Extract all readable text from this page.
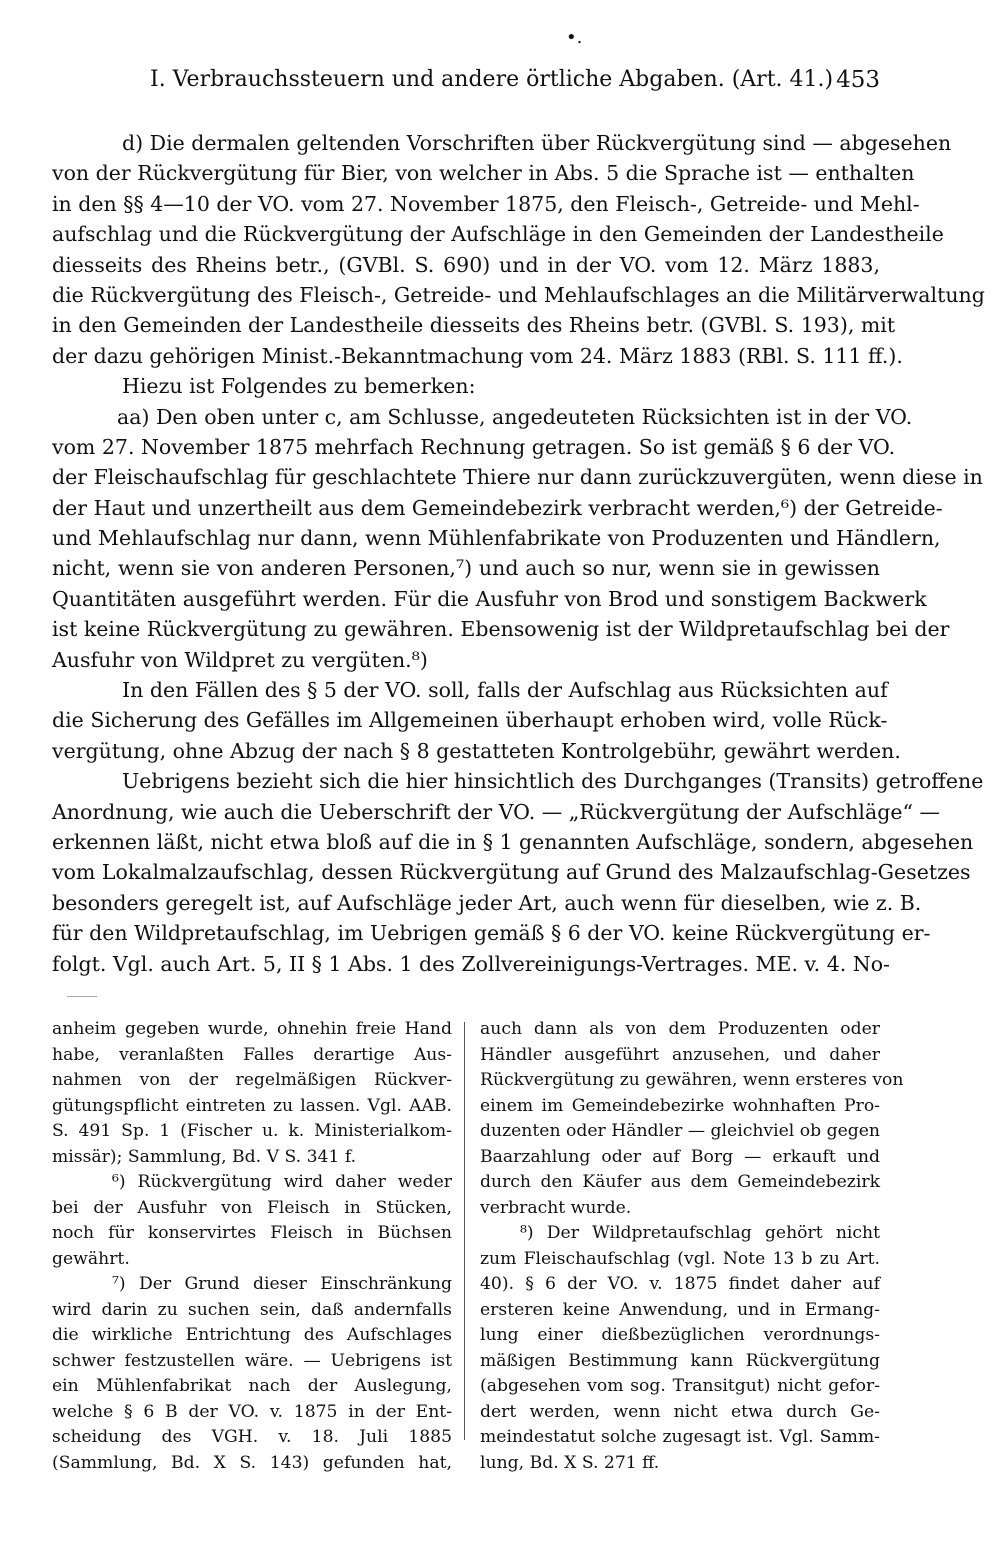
•.
I. Verbrauchssteuern und andere örtliche Abgaben. (Art. 41.) 453
d) Die dermalen geltenden Vorschriften über Rückvergütung sind — abgesehen
von der Rückvergütung für Bier, von welcher in Abs. 5 die Sprache ist — enthalten
in den §§ 4—10 der VO. vom 27. November 1875, den Fleisch-, Getreide- und Mehl-
aufschlag und die Rückvergütung der Aufschläge in den Gemeinden der Landestheile
diesseits des Rheins betr., (GVBl. S. 690) und in der VO. vom 12. März 1883,
die Rückvergütung des Fleisch-, Getreide- und Mehlaufschlages an die Militärverwaltung
in den Gemeinden der Landestheile diesseits des Rheins betr. (GVBl. S. 193), mit
der dazu gehörigen Minist.-Bekanntmachung vom 24. März 1883 (RBl. S. 111 ff.).
Hiezu ist Folgendes zu bemerken:
aa) Den oben unter c, am Schlusse, angedeuteten Rücksichten ist in der VO.
vom 27. November 1875 mehrfach Rechnung getragen. So ist gemäß § 6 der VO.
der Fleischaufschlag für geschlachtete Thiere nur dann zurückzuvergüten, wenn diese in
der Haut und unzertheilt aus dem Gemeindebezirk verbracht werden,⁶) der Getreide-
und Mehlaufschlag nur dann, wenn Mühlenfabrikate von Produzenten und Händlern,
nicht, wenn sie von anderen Personen,⁷) und auch so nur, wenn sie in gewissen
Quantitäten ausgeführt werden. Für die Ausfuhr von Brod und sonstigem Backwerk
ist keine Rückvergütung zu gewähren. Ebensowenig ist der Wildpretaufschlag bei der
Ausfuhr von Wildpret zu vergüten.⁸)
In den Fällen des § 5 der VO. soll, falls der Aufschlag aus Rücksichten auf
die Sicherung des Gefälles im Allgemeinen überhaupt erhoben wird, volle Rück-
vergütung, ohne Abzug der nach § 8 gestatteten Kontrolgebühr, gewährt werden.
Uebrigens bezieht sich die hier hinsichtlich des Durchganges (Transits) getroffene
Anordnung, wie auch die Ueberschrift der VO. — „Rückvergütung der Aufschläge“ —
erkennen läßt, nicht etwa bloß auf die in § 1 genannten Aufschläge, sondern, abgesehen
vom Lokalmalzaufschlag, dessen Rückvergütung auf Grund des Malzaufschlag-Gesetzes
besonders geregelt ist, auf Aufschläge jeder Art, auch wenn für dieselben, wie z. B.
für den Wildpretaufschlag, im Uebrigen gemäß § 6 der VO. keine Rückvergütung er-
folgt. Vgl. auch Art. 5, II § 1 Abs. 1 des Zollvereinigungs-Vertrages. ME. v. 4. No-
anheim gegeben wurde, ohnehin freie Hand
habe, veranlaßten Falles derartige Aus-
nahmen von der regelmäßigen Rückver-
gütungspflicht eintreten zu lassen. Vgl. AAB.
S. 491 Sp. 1 (Fischer u. k. Ministerialkom-
missär); Sammlung, Bd. V S. 341 f.
⁶) Rückvergütung wird daher weder
bei der Ausfuhr von Fleisch in Stücken,
noch für konservirtes Fleisch in Büchsen
gewährt.
⁷) Der Grund dieser Einschränkung
wird darin zu suchen sein, daß andernfalls
die wirkliche Entrichtung des Aufschlages
schwer festzustellen wäre. — Uebrigens ist
ein Mühlenfabrikat nach der Auslegung,
welche § 6 B der VO. v. 1875 in der Ent-
scheidung des VGH. v. 18. Juli 1885
(Sammlung, Bd. X S. 143) gefunden hat,
auch dann als von dem Produzenten oder
Händler ausgeführt anzusehen, und daher
Rückvergütung zu gewähren, wenn ersteres von
einem im Gemeindebezirke wohnhaften Pro-
duzenten oder Händler — gleichviel ob gegen
Baarzahlung oder auf Borg — erkauft und
durch den Käufer aus dem Gemeindebezirk
verbracht wurde.
⁸) Der Wildpretaufschlag gehört nicht
zum Fleischaufschlag (vgl. Note 13 b zu Art.
40). § 6 der VO. v. 1875 findet daher auf
ersteren keine Anwendung, und in Ermang-
lung einer dießbezüglichen verordnungs-
mäßigen Bestimmung kann Rückvergütung
(abgesehen vom sog. Transitgut) nicht gefor-
dert werden, wenn nicht etwa durch Ge-
meindestatut solche zugesagt ist. Vgl. Samm-
lung, Bd. X S. 271 ff.
